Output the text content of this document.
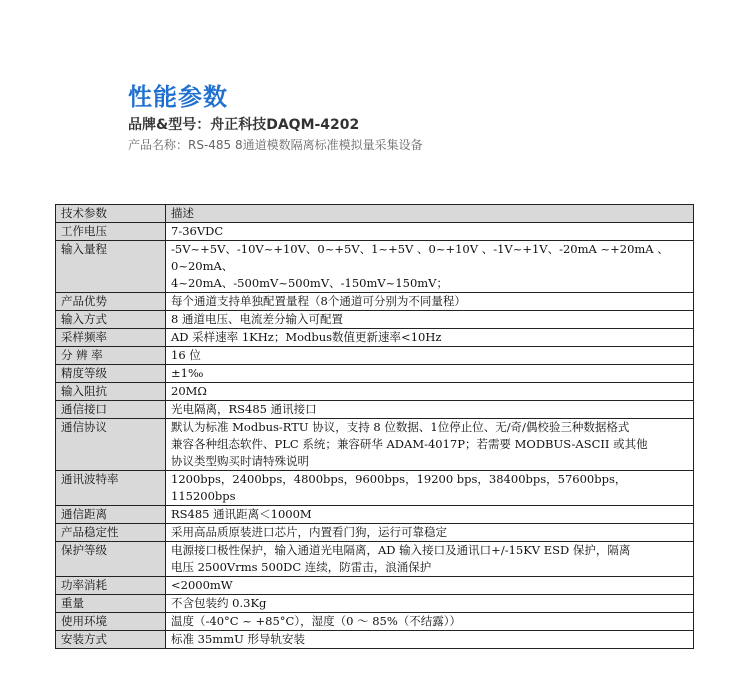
性能参数
品牌&型号：舟正科技DAQM-4202
产品名称：RS-485 8通道模数隔离标准模拟量采集设备
技术参数	描述
工作电压	7-36VDC
输入量程	-5V~+5V、-10V~+10V、0~+5V、1~+5V 、0~+10V 、-1V~+1V、-20mA ~+20mA 、0~20mA、
4~20mA、-500mV~500mV、-150mV~150mV；
产品优势	每个通道支持单独配置量程（8个通道可分别为不同量程）
输入方式	8 通道电压、电流差分输入可配置
采样频率	AD 采样速率 1KHz；Modbus数值更新速率<10Hz
分 辨 率	16 位
精度等级	±1‰
输入阻抗	20MΩ
通信接口	光电隔离，RS485 通讯接口
通信协议	默认为标准 Modbus-RTU 协议，支持 8 位数据、1位停止位、无/奇/偶校验三种数据格式
兼容各种组态软件、PLC 系统；兼容研华 ADAM-4017P；若需要 MODBUS-ASCII 或其他
协议类型购买时请特殊说明
通讯波特率	1200bps，2400bps，4800bps，9600bps，19200 bps，38400bps，57600bps，115200bps
通信距离	RS485 通讯距离＜1000M
产品稳定性	采用高品质原装进口芯片，内置看门狗，运行可靠稳定
保护等级	电源接口极性保护，输入通道光电隔离，AD 输入接口及通讯口+/-15KV ESD 保护，隔离
电压 2500Vrms 500DC 连续，防雷击，浪涌保护
功率消耗	<2000mW
重量	不含包装约 0.3Kg
使用环境	温度（-40°C ~ +85°C），湿度（0 ～ 85%（不结露））
安装方式	标准 35mmU 形导轨安装
